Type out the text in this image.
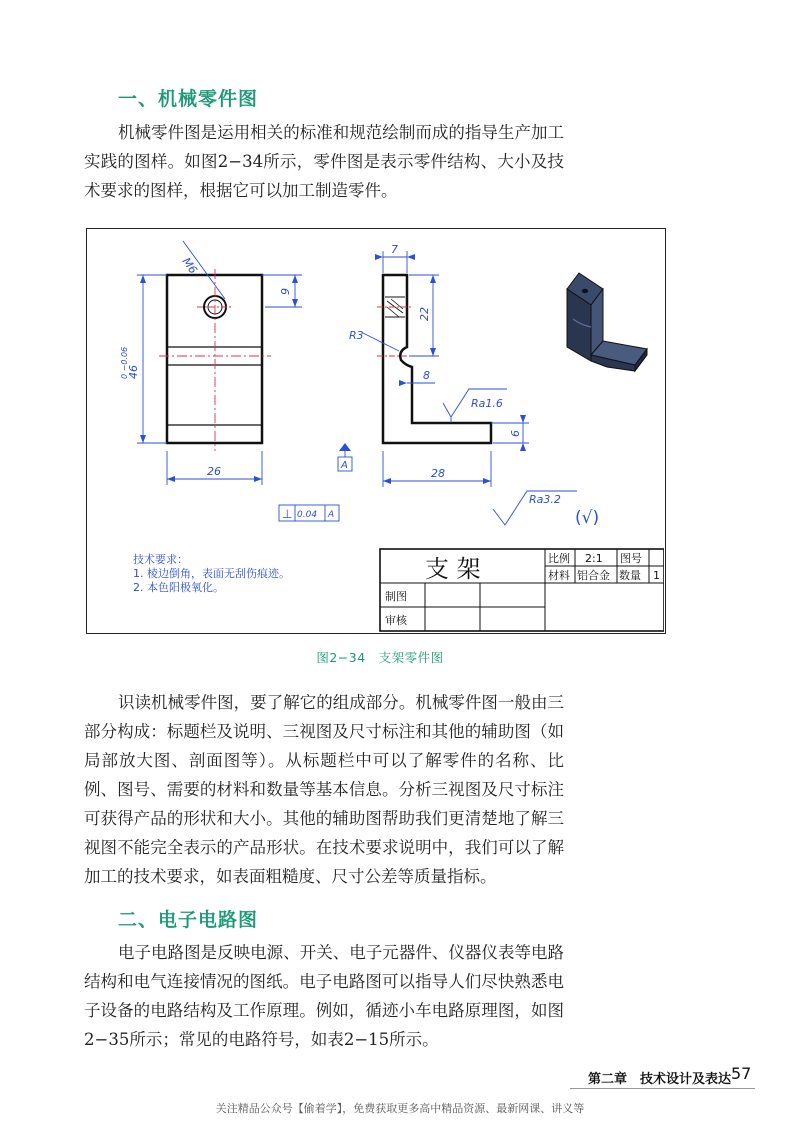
一、机械零件图

机械零件图是运用相关的标准和规范绘制而成的指导生产加工实践的图样。如图2−34所示，零件图是表示零件结构、大小及技术要求的图样，根据它可以加工制造零件。

M6
9
46
0 −0.06
26
7
22
R3
8
6
28
Ra1.6
Ra3.2
(√)
A
⊥ 0.04 A
技术要求：
1. 棱边倒角，表面无刮伤痕迹。
2. 本色阳极氧化。
支 架	比例 2:1 图号
材料 铝合金 数量 1
制图
审核
图2−34　支架零件图

识读机械零件图，要了解它的组成部分。机械零件图一般由三部分构成：标题栏及说明、三视图及尺寸标注和其他的辅助图（如局部放大图、剖面图等）。从标题栏中可以了解零件的名称、比例、图号、需要的材料和数量等基本信息。分析三视图及尺寸标注可获得产品的形状和大小。其他的辅助图帮助我们更清楚地了解三视图不能完全表示的产品形状。在技术要求说明中，我们可以了解加工的技术要求，如表面粗糙度、尺寸公差等质量指标。

二、电子电路图

电子电路图是反映电源、开关、电子元器件、仪器仪表等电路结构和电气连接情况的图纸。电子电路图可以指导人们尽快熟悉电子设备的电路结构及工作原理。例如，循迹小车电路原理图，如图2−35所示；常见的电路符号，如表2−15所示。

第二章　技术设计及表达 57
关注精品公众号【偷着学】，免费获取更多高中精品资源、最新网课、讲义等
